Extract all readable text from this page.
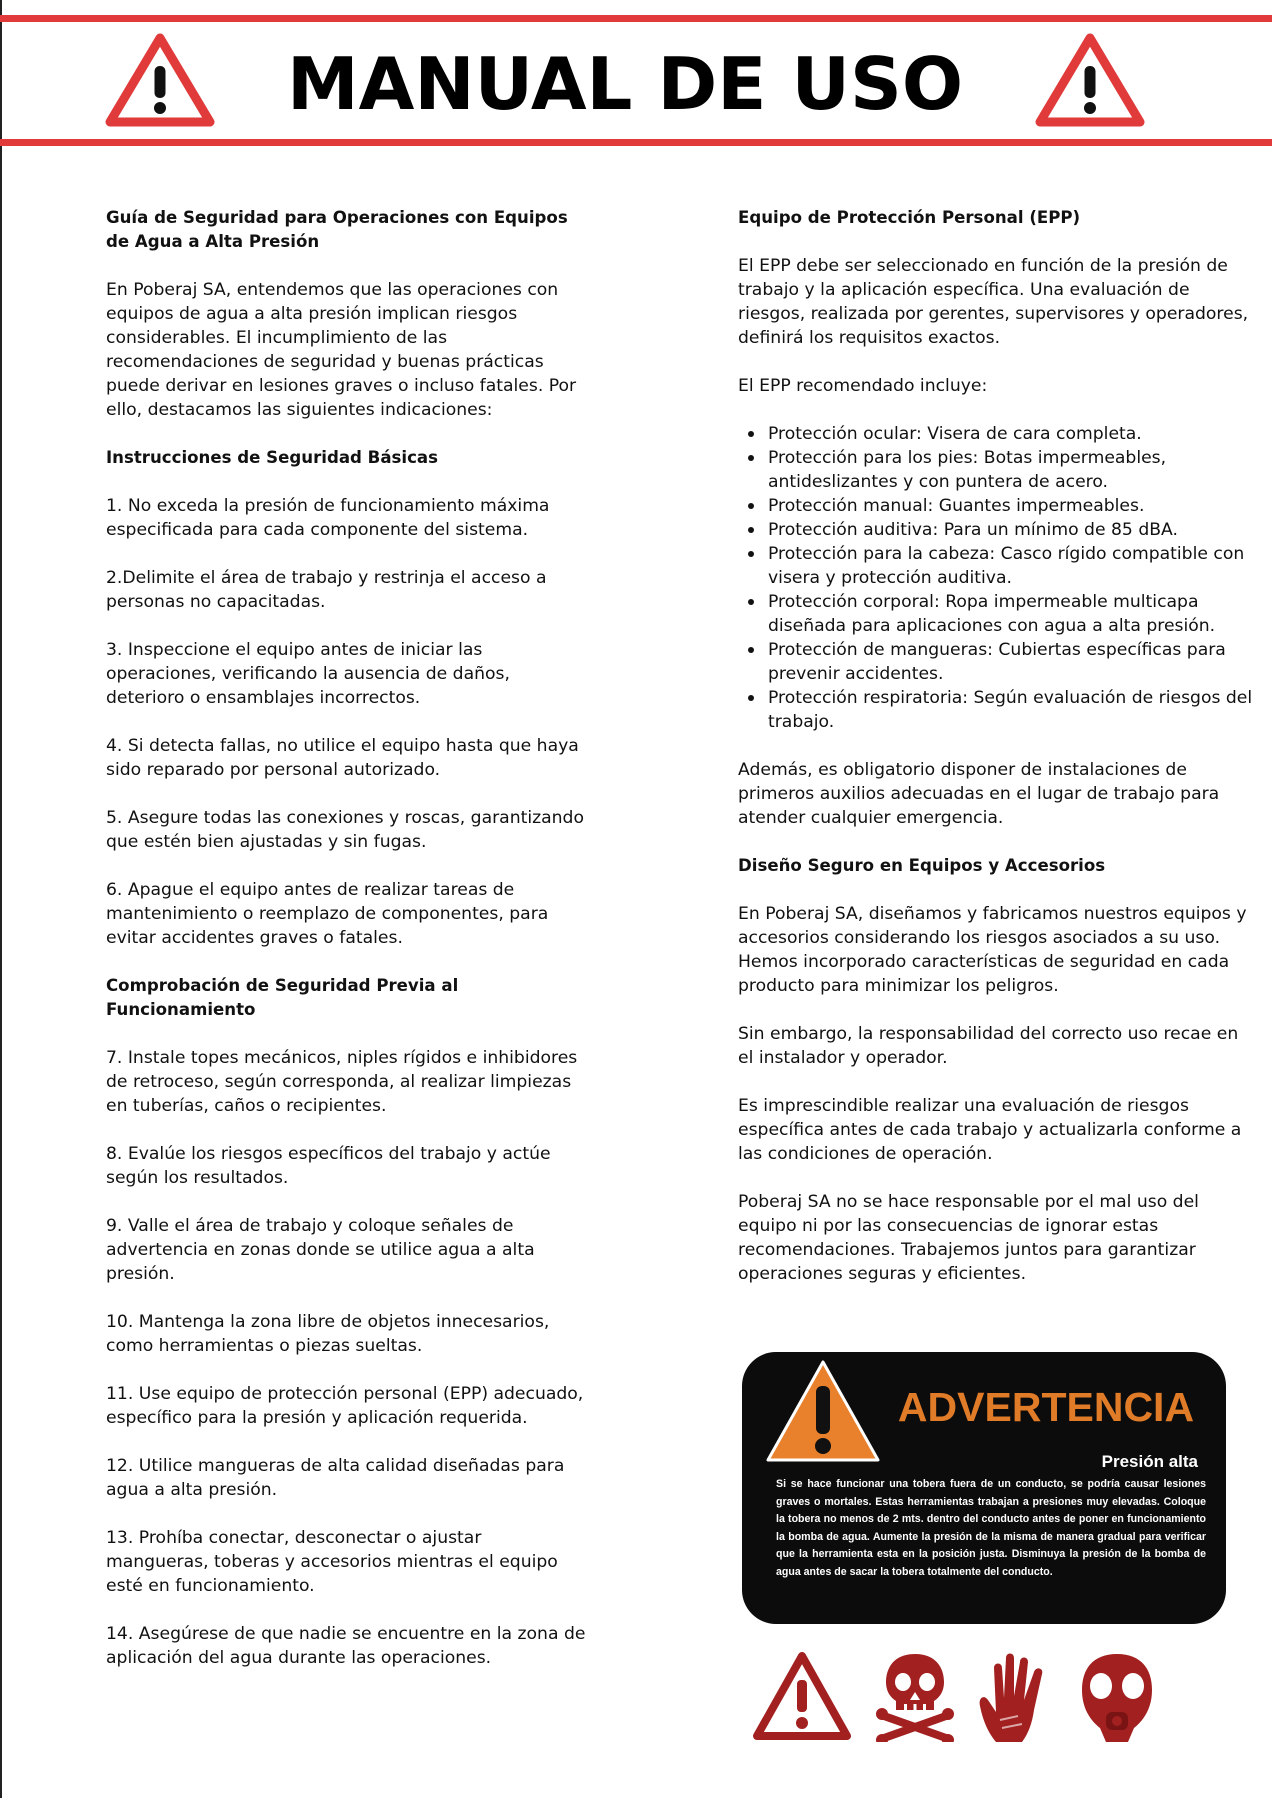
MANUAL DE USO
Guía de Seguridad para Operaciones con Equipos de Agua a Alta Presión

En Poberaj SA, entendemos que las operaciones con equipos de agua a alta presión implican riesgos considerables. El incumplimiento de las recomendaciones de seguridad y buenas prácticas puede derivar en lesiones graves o incluso fatales. Por ello, destacamos las siguientes indicaciones:

Instrucciones de Seguridad Básicas

1. No exceda la presión de funcionamiento máxima especificada para cada componente del sistema.

2.Delimite el área de trabajo y restrinja el acceso a personas no capacitadas.

3. Inspeccione el equipo antes de iniciar las operaciones, verificando la ausencia de daños, deterioro o ensamblajes incorrectos.

4. Si detecta fallas, no utilice el equipo hasta que haya sido reparado por personal autorizado.

5. Asegure todas las conexiones y roscas, garantizando que estén bien ajustadas y sin fugas.

6. Apague el equipo antes de realizar tareas de mantenimiento o reemplazo de componentes, para evitar accidentes graves o fatales.

Comprobación de Seguridad Previa al Funcionamiento

7. Instale topes mecánicos, niples rígidos e inhibidores de retroceso, según corresponda, al realizar limpiezas en tuberías, caños o recipientes.

8. Evalúe los riesgos específicos del trabajo y actúe según los resultados.

9. Valle el área de trabajo y coloque señales de advertencia en zonas donde se utilice agua a alta presión.

10. Mantenga la zona libre de objetos innecesarios, como herramientas o piezas sueltas.

11. Use equipo de protección personal (EPP) adecuado, específico para la presión y aplicación requerida.

12. Utilice mangueras de alta calidad diseñadas para agua a alta presión.

13. Prohíba conectar, desconectar o ajustar mangueras, toberas y accesorios mientras el equipo esté en funcionamiento.

14. Asegúrese de que nadie se encuentre en la zona de aplicación del agua durante las operaciones.

Equipo de Protección Personal (EPP)

El EPP debe ser seleccionado en función de la presión de trabajo y la aplicación específica. Una evaluación de riesgos, realizada por gerentes, supervisores y operadores, definirá los requisitos exactos.

El EPP recomendado incluye:

Protección ocular: Visera de cara completa.
Protección para los pies: Botas impermeables, antideslizantes y con puntera de acero.
Protección manual: Guantes impermeables.
Protección auditiva: Para un mínimo de 85 dBA.
Protección para la cabeza: Casco rígido compatible con visera y protección auditiva.
Protección corporal: Ropa impermeable multicapa diseñada para aplicaciones con agua a alta presión.
Protección de mangueras: Cubiertas específicas para prevenir accidentes.
Protección respiratoria: Según evaluación de riesgos del trabajo.

Además, es obligatorio disponer de instalaciones de primeros auxilios adecuadas en el lugar de trabajo para atender cualquier emergencia.

Diseño Seguro en Equipos y Accesorios

En Poberaj SA, diseñamos y fabricamos nuestros equipos y accesorios considerando los riesgos asociados a su uso. Hemos incorporado características de seguridad en cada producto para minimizar los peligros.

Sin embargo, la responsabilidad del correcto uso recae en el instalador y operador.

Es imprescindible realizar una evaluación de riesgos específica antes de cada trabajo y actualizarla conforme a las condiciones de operación.

Poberaj SA no se hace responsable por el mal uso del equipo ni por las consecuencias de ignorar estas recomendaciones. Trabajemos juntos para garantizar operaciones seguras y eficientes.

ADVERTENCIA
Presión alta
Si se hace funcionar una tobera fuera de un conducto, se podría causar lesiones graves o mortales. Estas herramientas trabajan a presiones muy elevadas. Coloque la tobera no menos de 2 mts. dentro del conducto antes de poner en funcionamiento la bomba de agua. Aumente la presión de la misma de manera gradual para verificar que la herramienta esta en la posición justa. Disminuya la presión de la bomba de agua antes de sacar la tobera totalmente del conducto.
